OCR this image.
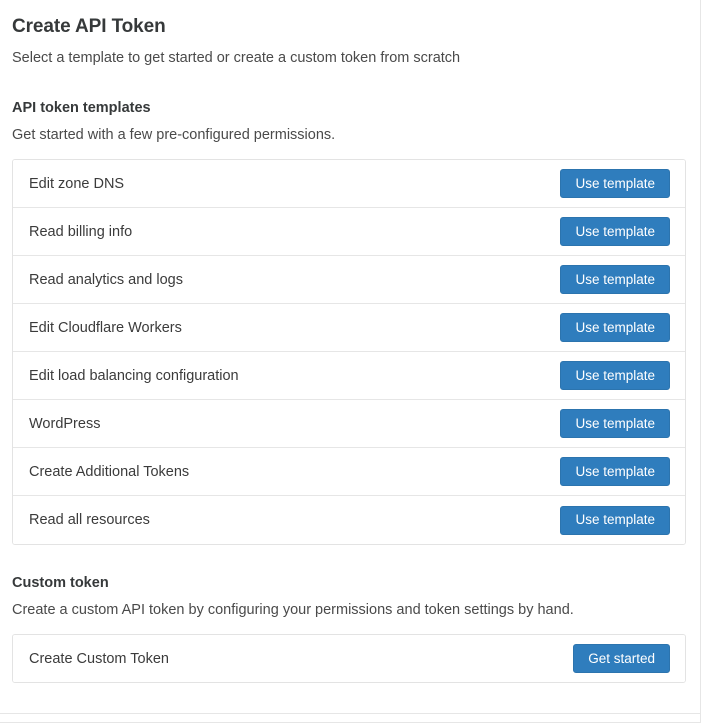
Create API Token

Select a template to get started or create a custom token from scratch

API token templates

Get started with a few pre-configured permissions.

Edit zone DNS	Use template
Read billing info	Use template
Read analytics and logs	Use template
Edit Cloudflare Workers	Use template
Edit load balancing configuration	Use template
WordPress	Use template
Create Additional Tokens	Use template
Read all resources	Use template
Custom token

Create a custom API token by configuring your permissions and token settings by hand.

Create Custom Token	Get started
